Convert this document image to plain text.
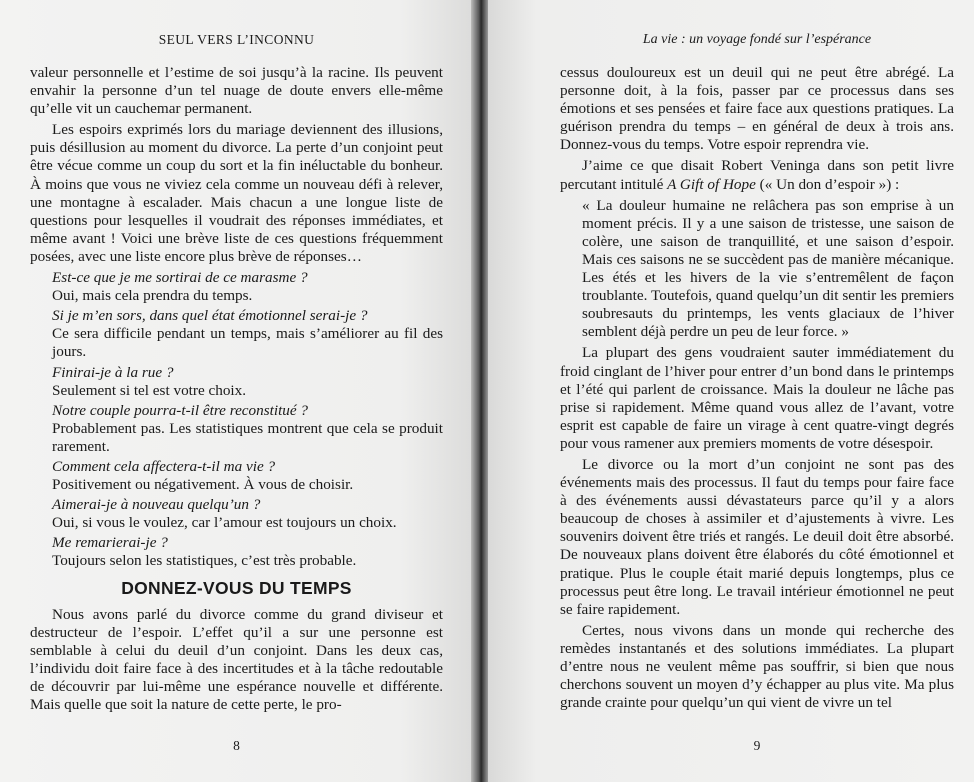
SEUL VERS L’INCONNU

valeur personnelle et l’estime de soi jusqu’à la racine. Ils peuvent envahir la personne d’un tel nuage de doute envers elle-même qu’elle vit un cauchemar permanent.

Les espoirs exprimés lors du mariage deviennent des illusions, puis désillusion au moment du divorce. La perte d’un conjoint peut être vécue comme un coup du sort et la fin inéluctable du bonheur. À moins que vous ne viviez cela comme un nouveau défi à relever, une montagne à escalader. Mais chacun a une longue liste de questions pour lesquelles il voudrait des réponses immédiates, et même avant ! Voici une brève liste de ces questions fréquemment posées, avec une liste encore plus brève de réponses…

Est-ce que je me sortirai de ce marasme ?
Oui, mais cela prendra du temps.
Si je m’en sors, dans quel état émotionnel serai-je ?
Ce sera difficile pendant un temps, mais s’améliorer au fil des jours.
Finirai-je à la rue ?
Seulement si tel est votre choix.
Notre couple pourra-t-il être reconstitué ?
Probablement pas. Les statistiques montrent que cela se produit rarement.
Comment cela affectera-t-il ma vie ?
Positivement ou négativement. À vous de choisir.
Aimerai-je à nouveau quelqu’un ?
Oui, si vous le voulez, car l’amour est toujours un choix.
Me remarierai-je ?
Toujours selon les statistiques, c’est très probable.
DONNEZ-VOUS DU TEMPS

Nous avons parlé du divorce comme du grand diviseur et destructeur de l’espoir. L’effet qu’il a sur une personne est semblable à celui du deuil d’un conjoint. Dans les deux cas, l’individu doit faire face à des incertitudes et à la tâche redoutable de découvrir par lui-même une espérance nouvelle et différente. Mais quelle que soit la nature de cette perte, le pro-

8
La vie : un voyage fondé sur l’espérance

cessus douloureux est un deuil qui ne peut être abrégé. La personne doit, à la fois, passer par ce processus dans ses émotions et ses pensées et faire face aux questions pratiques. La guérison prendra du temps – en général de deux à trois ans. Donnez-vous du temps. Votre espoir reprendra vie.

J’aime ce que disait Robert Veninga dans son petit livre percutant intitulé A Gift of Hope (« Un don d’espoir ») :

« La douleur humaine ne relâchera pas son emprise à un moment précis. Il y a une saison de tristesse, une saison de colère, une saison de tranquillité, et une saison d’espoir. Mais ces saisons ne se succèdent pas de manière mécanique. Les étés et les hivers de la vie s’entremêlent de façon troublante. Toutefois, quand quelqu’un dit sentir les premiers soubresauts du printemps, les vents glaciaux de l’hiver semblent déjà perdre un peu de leur force. »

La plupart des gens voudraient sauter immédiatement du froid cinglant de l’hiver pour entrer d’un bond dans le printemps et l’été qui parlent de croissance. Mais la douleur ne lâche pas prise si rapidement. Même quand vous allez de l’avant, votre esprit est capable de faire un virage à cent quatre-vingt degrés pour vous ramener aux premiers moments de votre désespoir.

Le divorce ou la mort d’un conjoint ne sont pas des événements mais des processus. Il faut du temps pour faire face à des événements aussi dévastateurs parce qu’il y a alors beaucoup de choses à assimiler et d’ajustements à vivre. Les souvenirs doivent être triés et rangés. Le deuil doit être absorbé. De nouveaux plans doivent être élaborés du côté émotionnel et pratique. Plus le couple était marié depuis longtemps, plus ce processus peut être long. Le travail intérieur émotionnel ne peut se faire rapidement.

Certes, nous vivons dans un monde qui recherche des remèdes instantanés et des solutions immédiates. La plupart d’entre nous ne veulent même pas souffrir, si bien que nous cherchons souvent un moyen d’y échapper au plus vite. Ma plus grande crainte pour quelqu’un qui vient de vivre un tel

9
